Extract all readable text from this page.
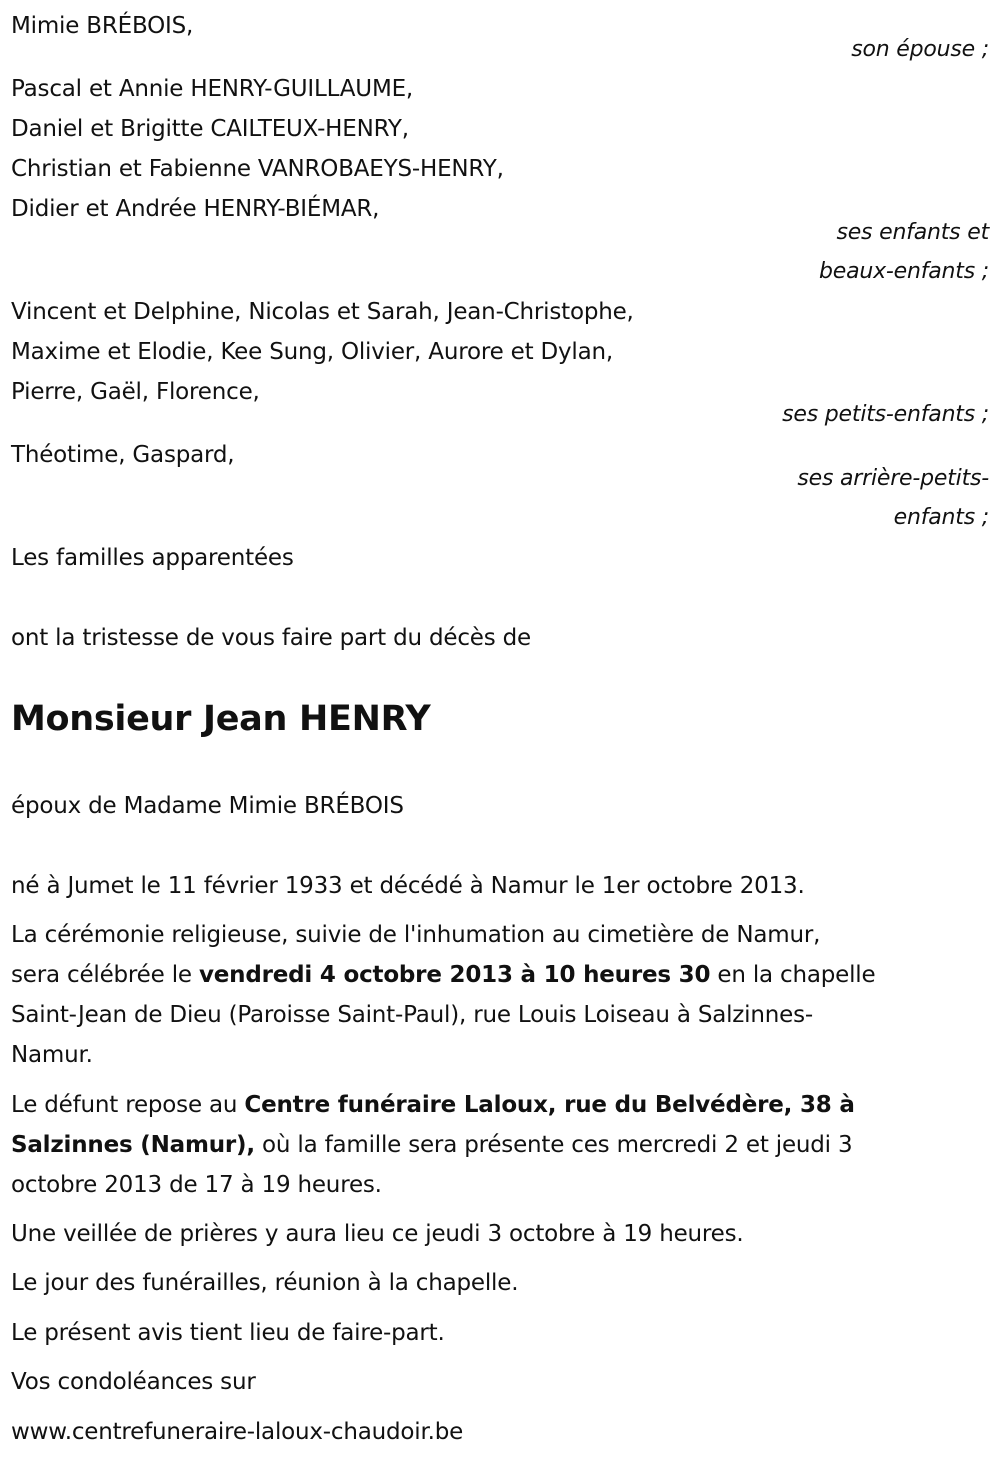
Mimie BRÉBOIS,
son épouse ;
Pascal et Annie HENRY-GUILLAUME,
Daniel et Brigitte CAILTEUX-HENRY,
Christian et Fabienne VANROBAEYS-HENRY,
Didier et Andrée HENRY-BIÉMAR,
ses enfants et
beaux-enfants ;
Vincent et Delphine, Nicolas et Sarah, Jean-Christophe,
Maxime et Elodie, Kee Sung, Olivier, Aurore et Dylan,
Pierre, Gaël, Florence,
ses petits-enfants ;
Théotime, Gaspard,
ses arrière-petits-
enfants ;
Les familles apparentées
ont la tristesse de vous faire part du décès de
Monsieur Jean HENRY
époux de Madame Mimie BRÉBOIS
né à Jumet le 11 février 1933 et décédé à Namur le 1er octobre 2013.
La cérémonie religieuse, suivie de l'inhumation au cimetière de Namur,
sera célébrée le vendredi 4 octobre 2013 à 10 heures 30 en la chapelle
Saint-Jean de Dieu (Paroisse Saint-Paul), rue Louis Loiseau à Salzinnes-
Namur.
Le défunt repose au Centre funéraire Laloux, rue du Belvédère, 38 à
Salzinnes (Namur), où la famille sera présente ces mercredi 2 et jeudi 3
octobre 2013 de 17 à 19 heures.
Une veillée de prières y aura lieu ce jeudi 3 octobre à 19 heures.
Le jour des funérailles, réunion à la chapelle.
Le présent avis tient lieu de faire-part.
Vos condoléances sur
www.centrefuneraire-laloux-chaudoir.be
